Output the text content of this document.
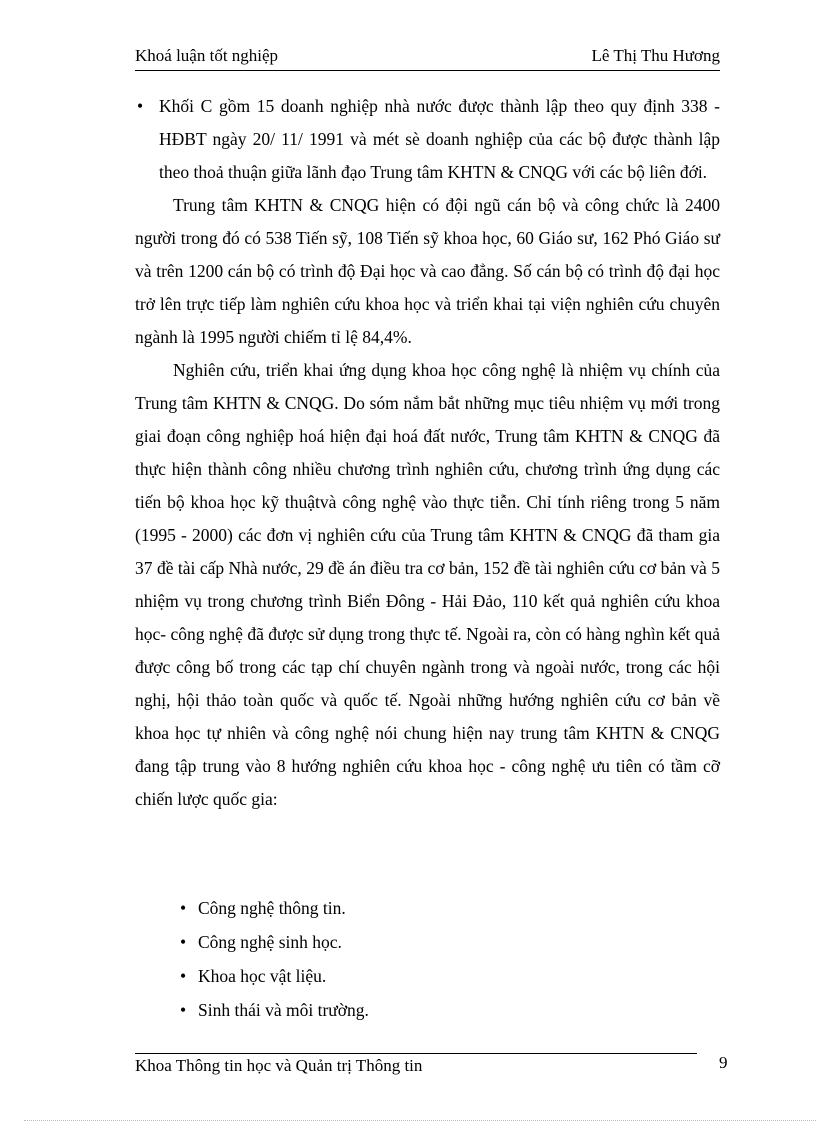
Khoá luận tốt nghiệp	Lê Thị Thu Hương
• Khối C gồm 15 doanh nghiệp nhà nước được thành lập theo quy định 338 - HĐBT ngày 20/ 11/ 1991 và mét sè doanh nghiệp của các bộ được thành lập theo thoả thuận giữa lãnh đạo Trung tâm KHTN & CNQG với các bộ liên đới.

Trung tâm KHTN & CNQG hiện có đội ngũ cán bộ và công chức là 2400 người trong đó có 538 Tiến sỹ, 108 Tiến sỹ khoa học, 60 Giáo sư, 162 Phó Giáo sư và trên 1200 cán bộ có trình độ Đại học và cao đẳng. Số cán bộ có trình độ đại học trở lên trực tiếp làm nghiên cứu khoa học và triển khai tại viện nghiên cứu chuyên ngành là 1995 người chiếm tỉ lệ 84,4%.

Nghiên cứu, triển khai ứng dụng khoa học công nghệ là nhiệm vụ chính của Trung tâm KHTN & CNQG. Do sóm nắm bắt những mục tiêu nhiệm vụ mới trong giai đoạn công nghiệp hoá hiện đại hoá đất nước, Trung tâm KHTN & CNQG đã thực hiện thành công nhiều chương trình nghiên cứu, chương trình ứng dụng các tiến bộ khoa học kỹ thuậtvà công nghệ vào thực tiễn. Chỉ tính riêng trong 5 năm (1995 - 2000) các đơn vị nghiên cứu của Trung tâm KHTN & CNQG đã tham gia 37 đề tài cấp Nhà nước, 29 đề án điều tra cơ bản, 152 đề tài nghiên cứu cơ bản và 5 nhiệm vụ trong chương trình Biển Đông - Hải Đảo, 110 kết quả nghiên cứu khoa học- công nghệ đã được sử dụng trong thực tế. Ngoài ra, còn có hàng nghìn kết quả được công bố trong các tạp chí chuyên ngành trong và ngoài nước, trong các hội nghị, hội thảo toàn quốc và quốc tế. Ngoài những hướng nghiên cứu cơ bản về khoa học tự nhiên và công nghệ nói chung hiện nay trung tâm KHTN & CNQG đang tập trung vào 8 hướng nghiên cứu khoa học - công nghệ ưu tiên có tầm cỡ chiến lược quốc gia:

• Công nghệ thông tin.
• Công nghệ sinh học.
• Khoa học vật liệu.
• Sinh thái và môi trường.
Khoa Thông tin học và Quản trị Thông tin	9
